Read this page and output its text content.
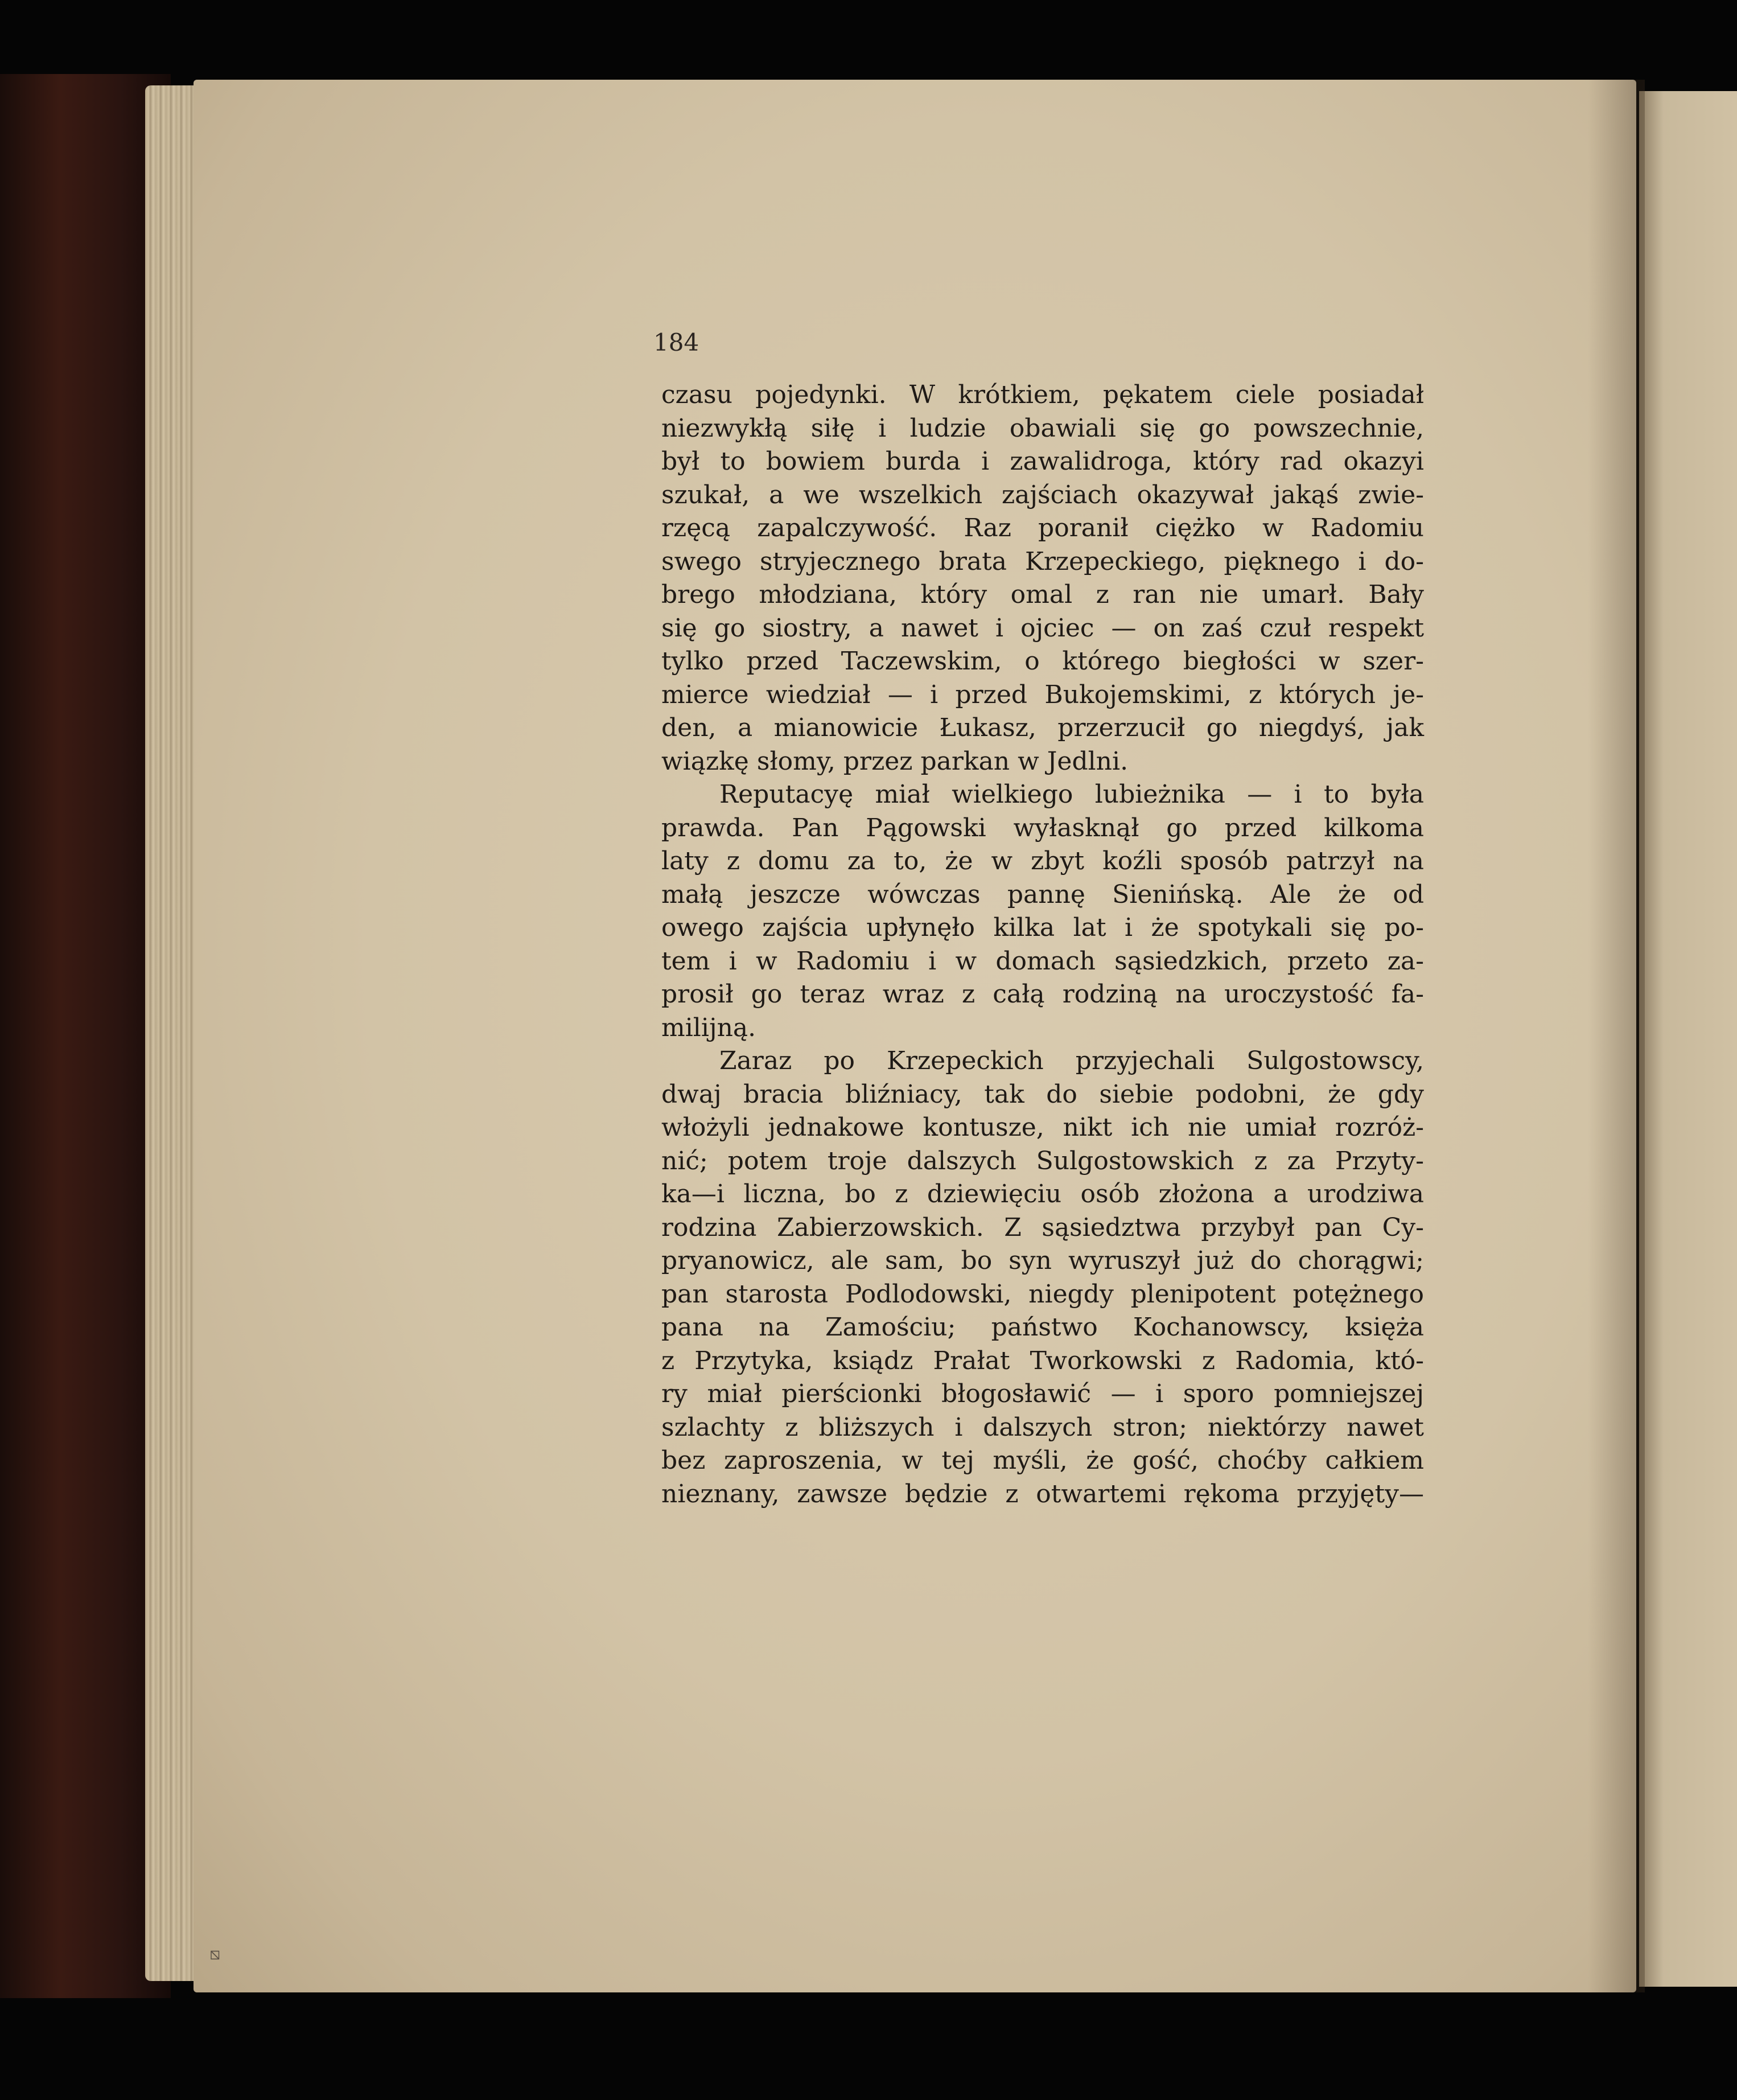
184
czasu pojedynki. W krótkiem, pękatem ciele posiadał
niezwykłą siłę i ludzie obawiali się go powszechnie,
był to bowiem burda i zawalidroga, który rad okazyi
szukał, a we wszelkich zajściach okazywał jakąś zwie-
rzęcą zapalczywość. Raz poranił ciężko w Radomiu
swego stryjecznego brata Krzepeckiego, pięknego i do-
brego młodziana, który omal z ran nie umarł. Bały
się go siostry, a nawet i ojciec — on zaś czuł respekt
tylko przed Taczewskim, o którego biegłości w szer-
mierce wiedział — i przed Bukojemskimi, z których je-
den, a mianowicie Łukasz, przerzucił go niegdyś, jak
wiązkę słomy, przez parkan w Jedlni.
Reputacyę miał wielkiego lubieżnika — i to była
prawda. Pan Pągowski wyłasknął go przed kilkoma
laty z domu za to, że w zbyt koźli sposób patrzył na
małą jeszcze wówczas pannę Sienińską. Ale że od
owego zajścia upłynęło kilka lat i że spotykali się po-
tem i w Radomiu i w domach sąsiedzkich, przeto za-
prosił go teraz wraz z całą rodziną na uroczystość fa-
milijną.
Zaraz po Krzepeckich przyjechali Sulgostowscy,
dwaj bracia bliźniacy, tak do siebie podobni, że gdy
włożyli jednakowe kontusze, nikt ich nie umiał rozróż-
nić; potem troje dalszych Sulgostowskich z za Przyty-
ka—i liczna, bo z dziewięciu osób złożona a urodziwa
rodzina Zabierzowskich. Z sąsiedztwa przybył pan Cy-
pryanowicz, ale sam, bo syn wyruszył już do chorągwi;
pan starosta Podlodowski, niegdy plenipotent potężnego
pana na Zamościu; państwo Kochanowscy, księża
z Przytyka, ksiądz Prałat Tworkowski z Radomia, któ-
ry miał pierścionki błogosławić — i sporo pomniejszej
szlachty z bliższych i dalszych stron; niektórzy nawet
bez zaproszenia, w tej myśli, że gość, choćby całkiem
nieznany, zawsze będzie z otwartemi rękoma przyjęty—
⧅
